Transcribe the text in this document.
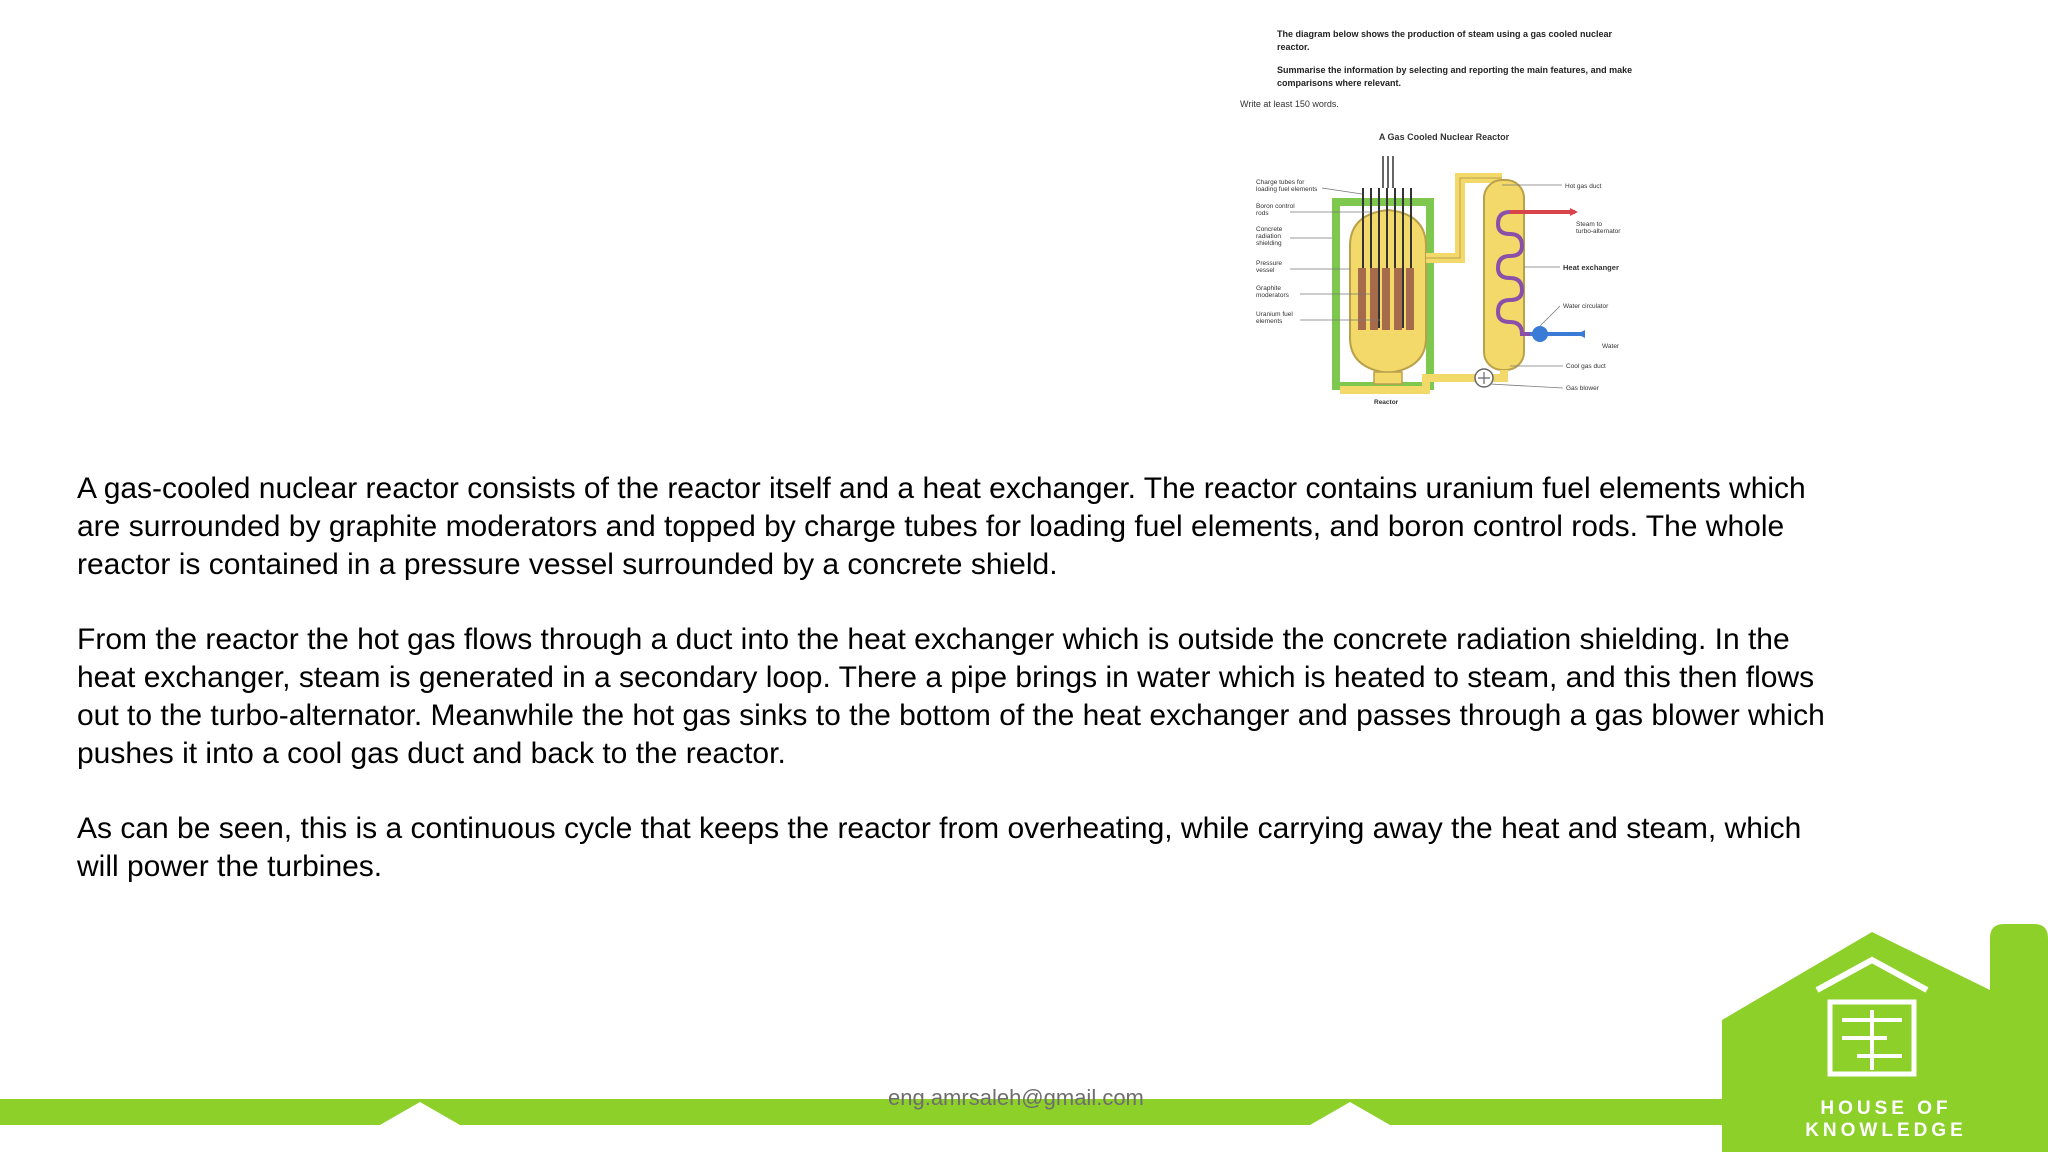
The diagram below shows the production of steam using a gas cooled nuclear
reactor.
Summarise the information by selecting and reporting the main features, and make
comparisons where relevant.
Write at least 150 words.
A Gas Cooled Nuclear Reactor
Charge tubes for
loading fuel elements
Boron control
rods
Concrete
radiation
shielding
Pressure
vessel
Graphite
moderators
Uranium fuel
elements
Hot gas duct
Steam to
turbo-alternator
Heat exchanger
Water circulator
Water
Cool gas duct
Gas blower
Reactor

A gas-cooled nuclear reactor consists of the reactor itself and a heat exchanger. The reactor contains uranium fuel elements which are surrounded by graphite moderators and topped by charge tubes for loading fuel elements, and boron control rods. The whole reactor is contained in a pressure vessel surrounded by a concrete shield.

From the reactor the hot gas flows through a duct into the heat exchanger which is outside the concrete radiation shielding. In the heat exchanger, steam is generated in a secondary loop. There a pipe brings in water which is heated to steam, and this then flows out to the turbo-alternator. Meanwhile the hot gas sinks to the bottom of the heat exchanger and passes through a gas blower which pushes it into a cool gas duct and back to the reactor.

As can be seen, this is a continuous cycle that keeps the reactor from overheating, while carrying away the heat and steam, which will power the turbines.

eng.amrsaleh@gmail.com	HOUSE OF KNOWLEDGE
